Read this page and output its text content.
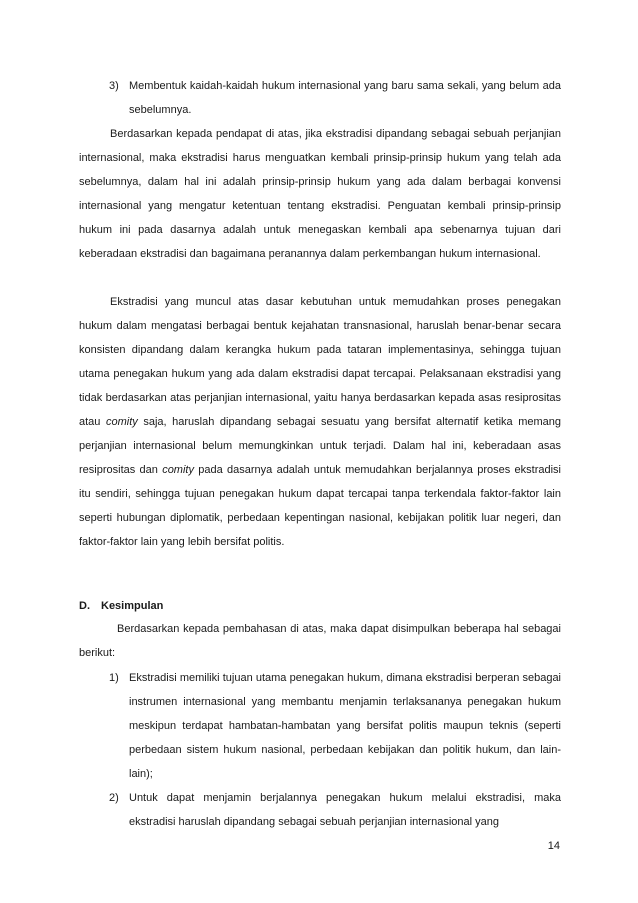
3) Membentuk kaidah-kaidah hukum internasional yang baru sama sekali, yang belum ada sebelumnya.

Berdasarkan kepada pendapat di atas, jika ekstradisi dipandang sebagai sebuah perjanjian internasional, maka ekstradisi harus menguatkan kembali prinsip-prinsip hukum yang telah ada sebelumnya, dalam hal ini adalah prinsip-prinsip hukum yang ada dalam berbagai konvensi internasional yang mengatur ketentuan tentang ekstradisi. Penguatan kembali prinsip-prinsip hukum ini pada dasarnya adalah untuk menegaskan kembali apa sebenarnya tujuan dari keberadaan ekstradisi dan bagaimana peranannya dalam perkembangan hukum internasional.

Ekstradisi yang muncul atas dasar kebutuhan untuk memudahkan proses penegakan hukum dalam mengatasi berbagai bentuk kejahatan transnasional, haruslah benar-benar secara konsisten dipandang dalam kerangka hukum pada tataran implementasinya, sehingga tujuan utama penegakan hukum yang ada dalam ekstradisi dapat tercapai. Pelaksanaan ekstradisi yang tidak berdasarkan atas perjanjian internasional, yaitu hanya berdasarkan kepada asas resiprositas atau comity saja, haruslah dipandang sebagai sesuatu yang bersifat alternatif ketika memang perjanjian internasional belum memungkinkan untuk terjadi. Dalam hal ini, keberadaan asas resiprositas dan comity pada dasarnya adalah untuk memudahkan berjalannya proses ekstradisi itu sendiri, sehingga tujuan penegakan hukum dapat tercapai tanpa terkendala faktor-faktor lain seperti hubungan diplomatik, perbedaan kepentingan nasional, kebijakan politik luar negeri, dan faktor-faktor lain yang lebih bersifat politis.

D. Kesimpulan

Berdasarkan kepada pembahasan di atas, maka dapat disimpulkan beberapa hal sebagai berikut:

1) Ekstradisi memiliki tujuan utama penegakan hukum, dimana ekstradisi berperan sebagai instrumen internasional yang membantu menjamin terlaksananya penegakan hukum meskipun terdapat hambatan-hambatan yang bersifat politis maupun teknis (seperti perbedaan sistem hukum nasional, perbedaan kebijakan dan politik hukum, dan lain-lain);
2) Untuk dapat menjamin berjalannya penegakan hukum melalui ekstradisi, maka ekstradisi haruslah dipandang sebagai sebuah perjanjian internasional yang
14
